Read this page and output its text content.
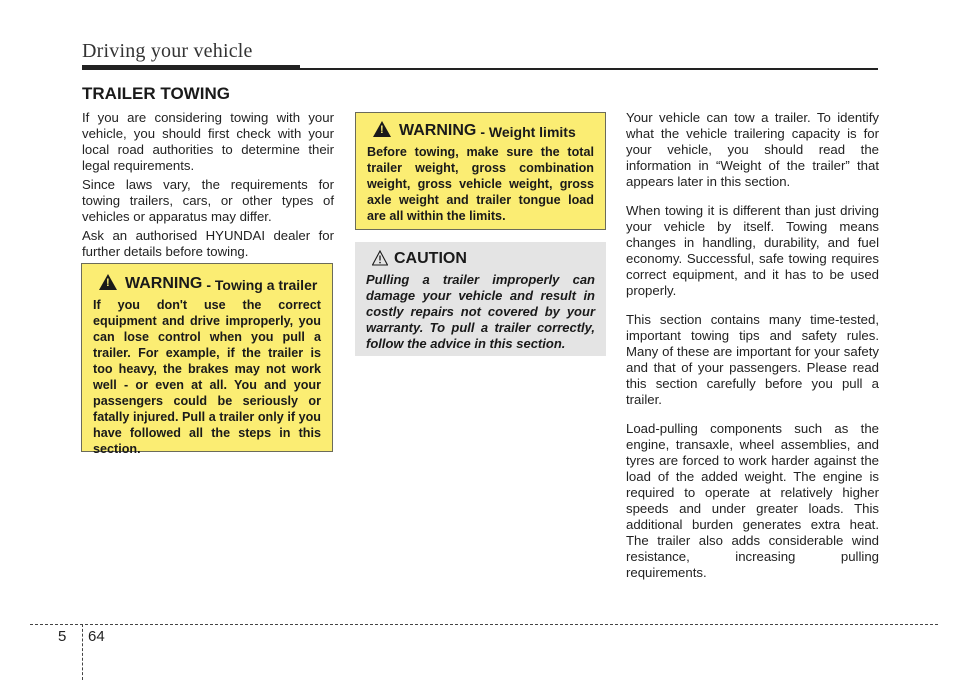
Driving your vehicle
TRAILER TOWING

If you are considering towing with your vehicle, you should first check with your local road authorities to determine their legal requirements.

Since laws vary, the requirements for towing trailers, cars, or other types of vehicles or apparatus may differ.

Ask an authorised HYUNDAI dealer for further details before towing.

!
WARNING - Towing a trailer

If you don't use the correct equipment and drive improperly, you can lose control when you pull a trailer. For example, if the trailer is too heavy, the brakes may not work well - or even at all. You and your passengers could be seriously or fatally injured. Pull a trailer only if you have followed all the steps in this section.

!
WARNING - Weight limits

Before towing, make sure the total trailer weight, gross combination weight, gross vehicle weight, gross axle weight and trailer tongue load are all within the limits.

CAUTION

Pulling a trailer improperly can damage your vehicle and result in costly repairs not covered by your warranty. To pull a trailer correctly, follow the advice in this section.

Your vehicle can tow a trailer. To identify what the vehicle trailering capacity is for your vehicle, you should read the information in “Weight of the trailer” that appears later in this section.

When towing it is different than just driving your vehicle by itself. Towing means changes in handling, durability, and fuel economy. Successful, safe towing requires correct equipment, and it has to be used properly.

This section contains many time-tested, important towing tips and safety rules. Many of these are important for your safety and that of your passengers. Please read this section carefully before you pull a trailer.

Load-pulling components such as the engine, transaxle, wheel assemblies, and tyres are forced to work harder against the load of the added weight. The engine is required to operate at relatively higher speeds and under greater loads. This additional burden generates extra heat. The trailer also adds considerable wind resistance, increasing pulling requirements.

5 64
